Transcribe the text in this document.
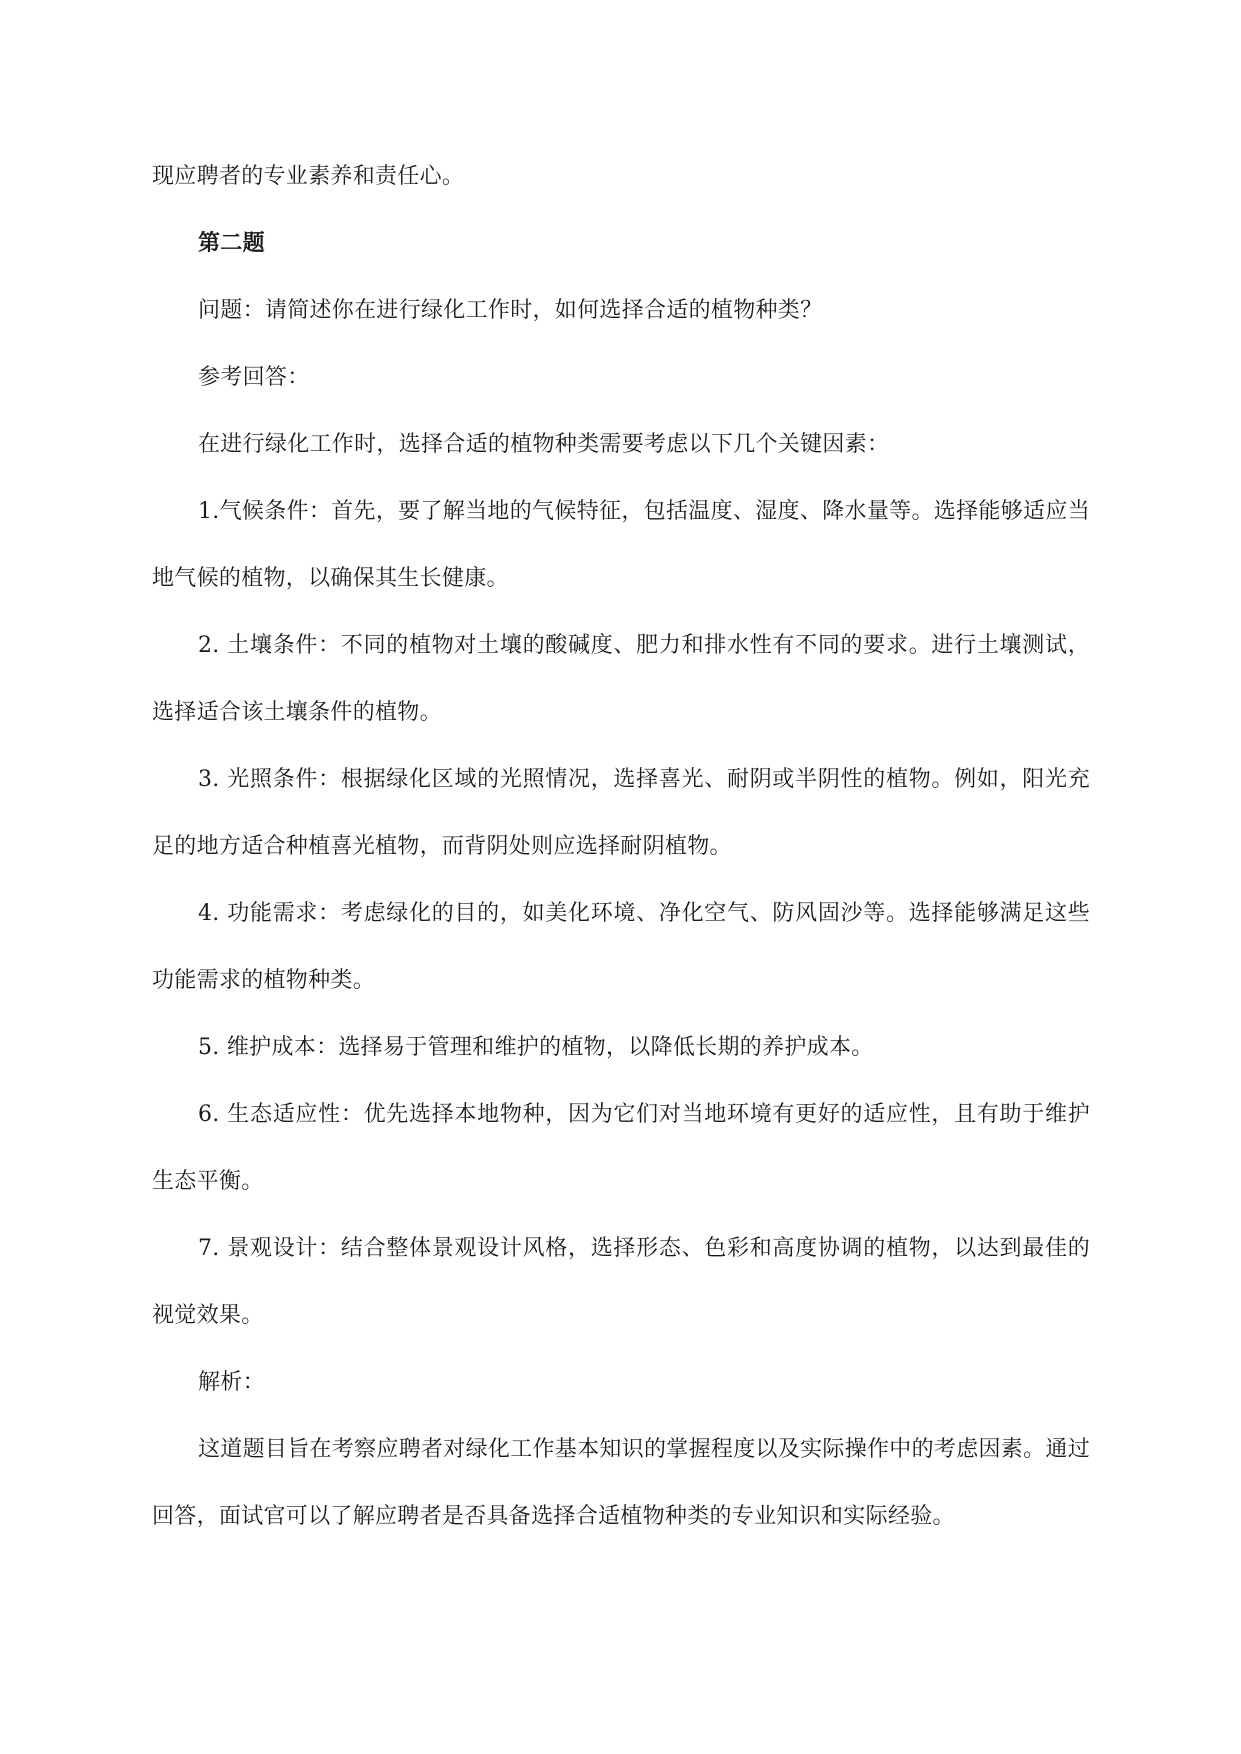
现应聘者的专业素养和责任心。

第二题

问题：请简述你在进行绿化工作时，如何选择合适的植物种类？

参考回答：

在进行绿化工作时，选择合适的植物种类需要考虑以下几个关键因素：

1.气候条件：首先，要了解当地的气候特征，包括温度、湿度、降水量等。选择能够适应当地气候的植物，以确保其生长健康。

2. 土壤条件：不同的植物对土壤的酸碱度、肥力和排水性有不同的要求。进行土壤测试，选择适合该土壤条件的植物。

3. 光照条件：根据绿化区域的光照情况，选择喜光、耐阴或半阴性的植物。例如，阳光充足的地方适合种植喜光植物，而背阴处则应选择耐阴植物。

4. 功能需求：考虑绿化的目的，如美化环境、净化空气、防风固沙等。选择能够满足这些功能需求的植物种类。

5. 维护成本：选择易于管理和维护的植物，以降低长期的养护成本。

6. 生态适应性：优先选择本地物种，因为它们对当地环境有更好的适应性，且有助于维护生态平衡。

7. 景观设计：结合整体景观设计风格，选择形态、色彩和高度协调的植物，以达到最佳的视觉效果。

解析：

这道题目旨在考察应聘者对绿化工作基本知识的掌握程度以及实际操作中的考虑因素。通过回答，面试官可以了解应聘者是否具备选择合适植物种类的专业知识和实际经验。
